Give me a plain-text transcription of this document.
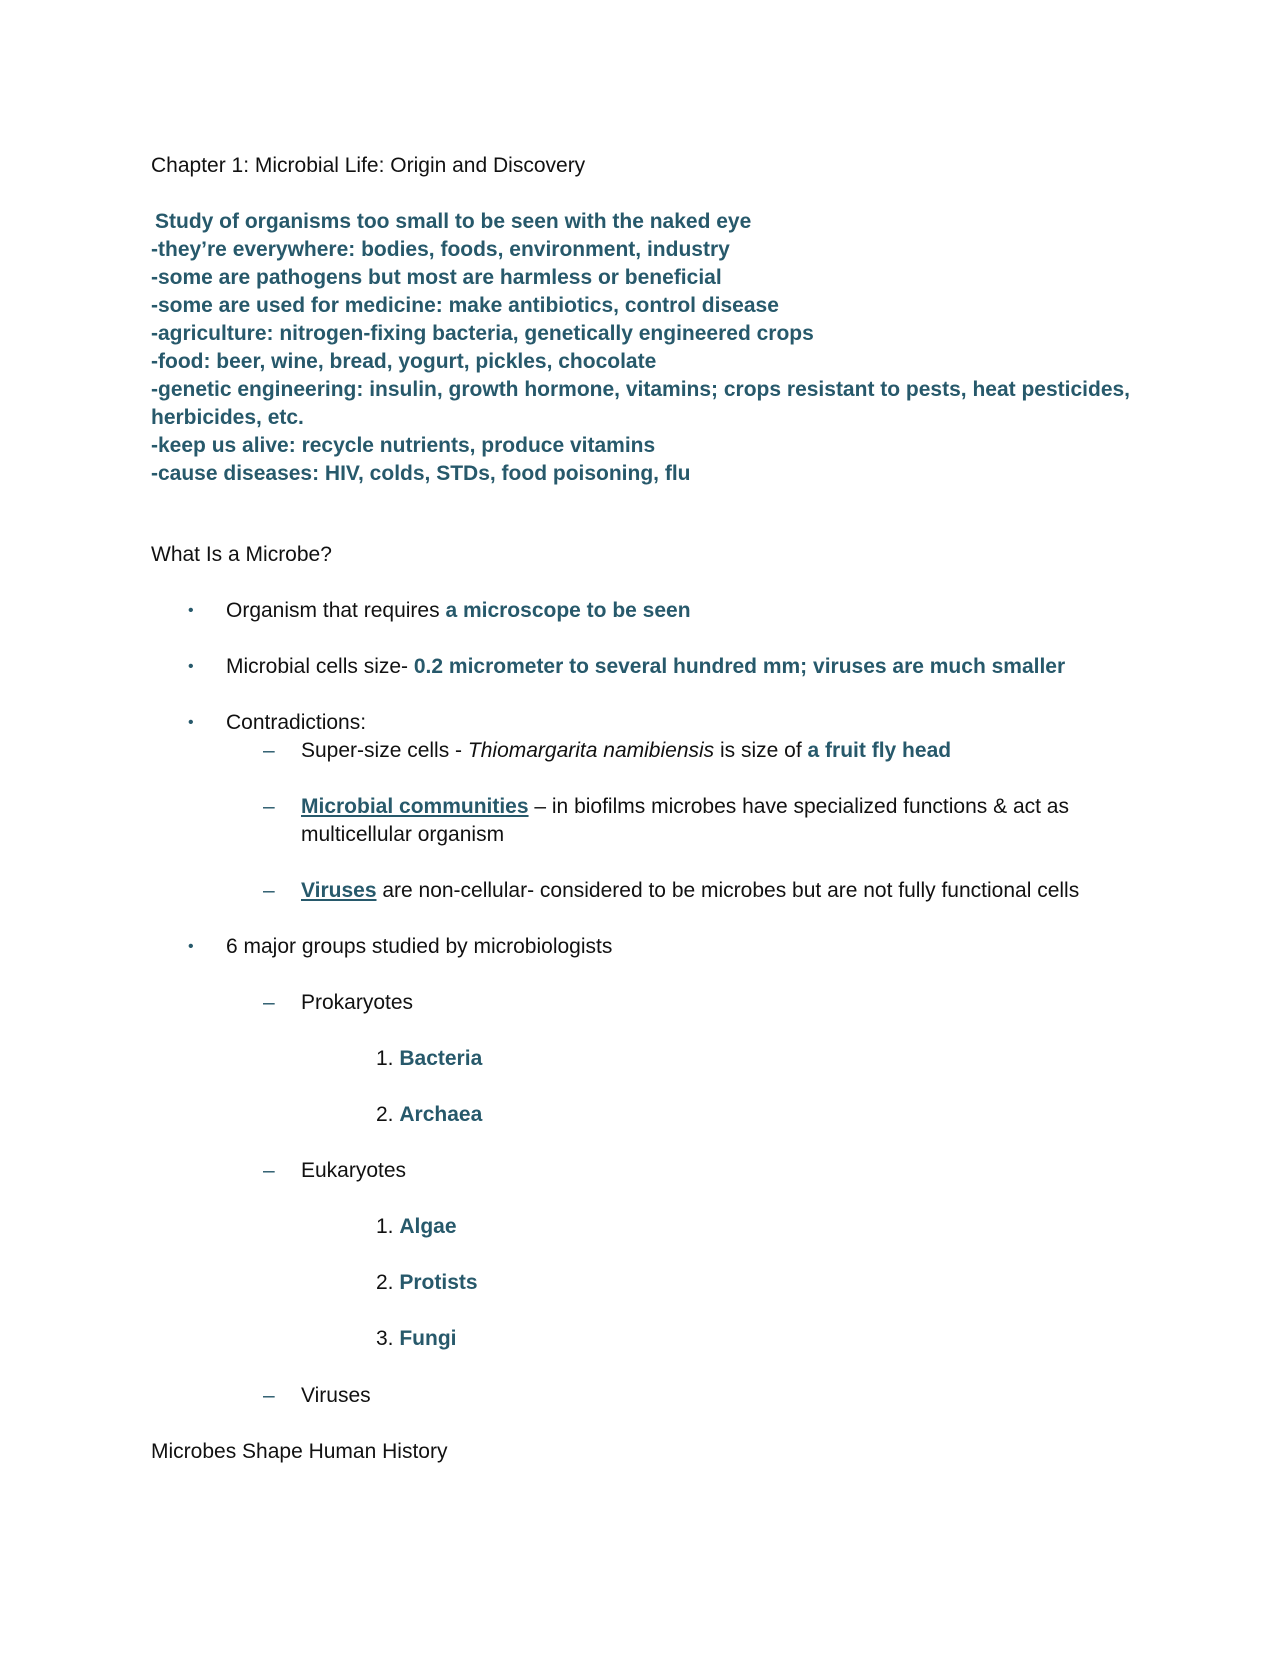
Chapter 1: Microbial Life: Origin and Discovery
Study of organisms too small to be seen with the naked eye
-they’re everywhere: bodies, foods, environment, industry
-some are pathogens but most are harmless or beneficial
-some are used for medicine: make antibiotics, control disease
-agriculture: nitrogen-fixing bacteria, genetically engineered crops
-food: beer, wine, bread, yogurt, pickles, chocolate
-genetic engineering: insulin, growth hormone, vitamins; crops resistant to pests, heat pesticides,
herbicides, etc.
-keep us alive: recycle nutrients, produce vitamins
-cause diseases: HIV, colds, STDs, food poisoning, flu
What Is a Microbe?
• Organism that requires a microscope to be seen
• Microbial cells size- 0.2 micrometer to several hundred mm; viruses are much smaller
• Contradictions:
– Super-size cells - Thiomargarita namibiensis is size of a fruit fly head
– Microbial communities – in biofilms microbes have specialized functions & act as
multicellular organism
– Viruses are non-cellular- considered to be microbes but are not fully functional cells
• 6 major groups studied by microbiologists
– Prokaryotes
1. Bacteria
2. Archaea
– Eukaryotes
1. Algae
2. Protists
3. Fungi
– Viruses
Microbes Shape Human History
